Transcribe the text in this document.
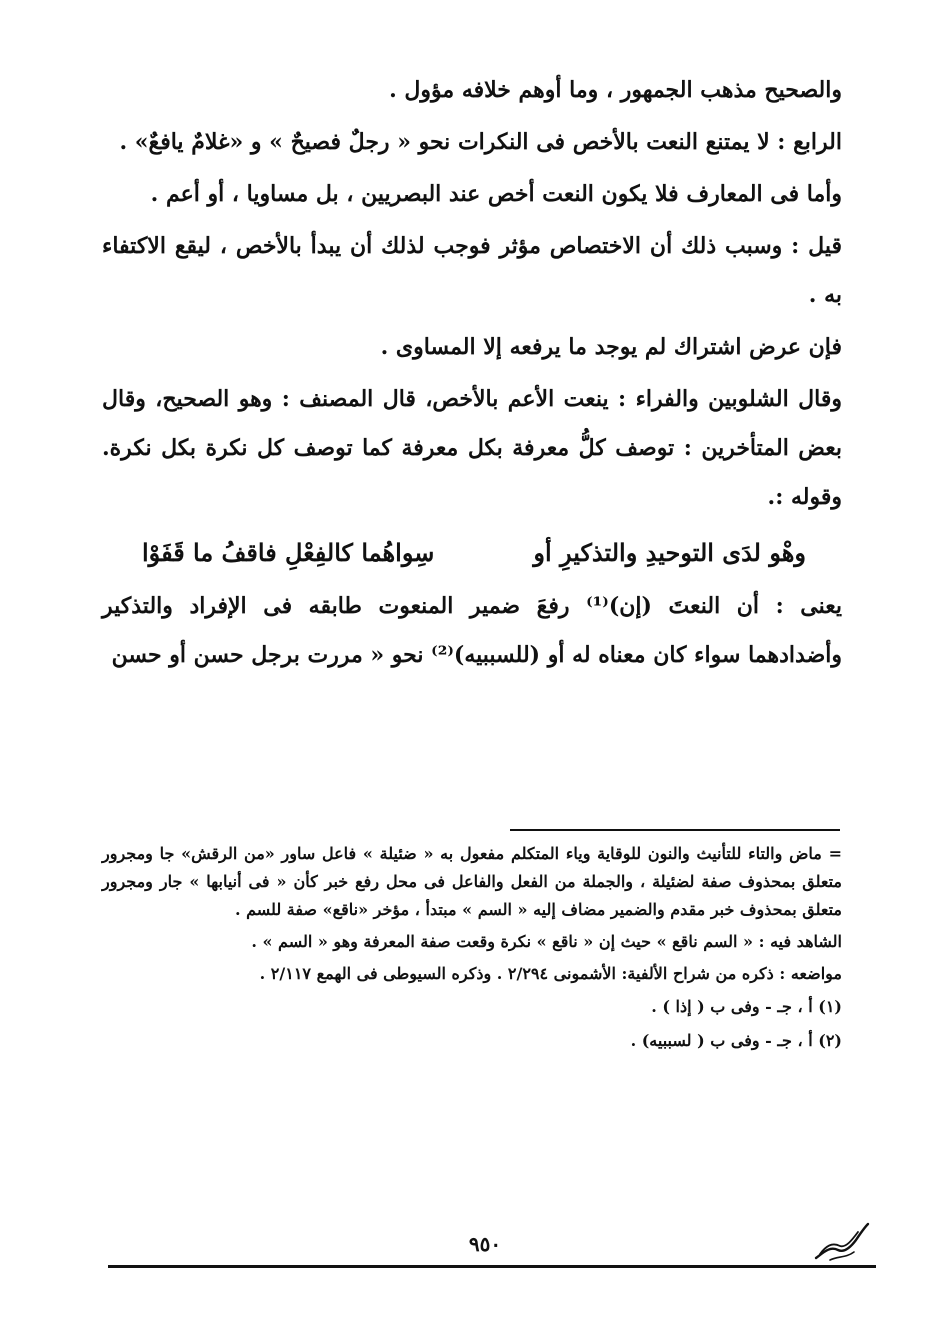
والصحيح مذهب الجمهور ، وما أوهم خلافه مؤول .

الرابع : لا يمتنع النعت بالأخص فى النكرات نحو « رجلٌ فصيحٌ » و «غلامٌ يافعٌ» .

وأما فى المعارف فلا يكون النعت أخص عند البصريين ، بل مساويا ، أو أعم .

قيل : وسبب ذلك أن الاختصاص مؤثر فوجب لذلك أن يبدأ بالأخص ، ليقع الاكتفاء به .

فإن عرض اشتراك لم يوجد ما يرفعه إلا المساوى .

وقال الشلوبين والفراء : ينعت الأعم بالأخص، قال المصنف : وهو الصحيح، وقال بعض المتأخرين : توصف كلُّ معرفة بكل معرفة كما توصف كل نكرة بكل نكرة. وقوله :.

وهْو لدَى التوحيدِ والتذكيرِ أو
سِواهُما كالفِعْلِ فاقفُ ما قَفَوْا

يعنى : أن النعتَ (إن)⁽¹⁾ رفعَ ضمير المنعوت طابقه فى الإفراد والتذكير وأضدادهما سواء كان معناه له أو (للسببيه)⁽²⁾ نحو « مررت برجل حسن أو حسن

= ماض والتاء للتأنيث والنون للوقاية وياء المتكلم مفعول به « ضئيلة » فاعل ساور «من الرقش» جا ومجرور متعلق بمحذوف صفة لضئيلة ، والجملة من الفعل والفاعل فى محل رفع خبر كأن « فى أنيابها » جار ومجرور متعلق بمحذوف خبر مقدم والضمير مضاف إليه « السم » مبتدأ ، مؤخر «ناقع» صفة للسم .

الشاهد فيه : « السم ناقع » حيث إن « ناقع » نكرة وقعت صفة المعرفة وهو « السم » .

مواضعه : ذكره من شراح الألفية: الأشمونى ٢/٢٩٤ . وذكره السيوطى فى الهمع ٢/١١٧ .

(١) أ ، جـ - وفى ب ( إذا ) .

(٢) أ ، جـ - وفى ب ( لسببيه) .

٩٥٠
